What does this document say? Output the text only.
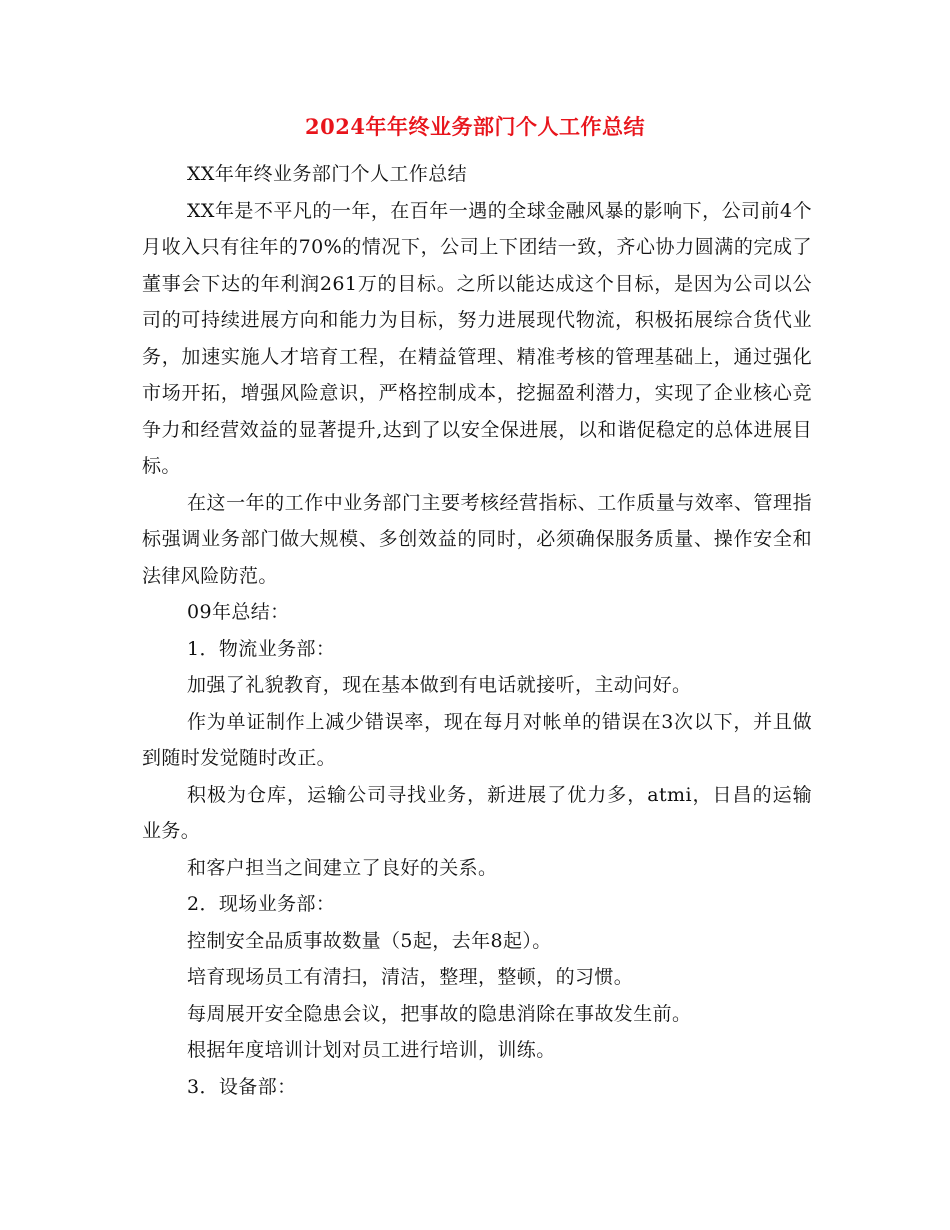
2024年年终业务部门个人工作总结

XX年年终业务部门个人工作总结

XX年是不平凡的一年，在百年一遇的全球金融风暴的影响下，公司前4个月收入只有往年的70%的情况下，公司上下团结一致，齐心协力圆满的完成了董事会下达的年利润261万的目标。之所以能达成这个目标，是因为公司以公司的可持续进展方向和能力为目标，努力进展现代物流，积极拓展综合货代业务，加速实施人才培育工程，在精益管理、精准考核的管理基础上，通过强化市场开拓，增强风险意识，严格控制成本，挖掘盈利潜力，实现了企业核心竞争力和经营效益的显著提升,达到了以安全保进展，以和谐促稳定的总体进展目标。

在这一年的工作中业务部门主要考核经营指标、工作质量与效率、管理指标强调业务部门做大规模、多创效益的同时，必须确保服务质量、操作安全和法律风险防范。

09年总结：

1．物流业务部：

加强了礼貌教育，现在基本做到有电话就接听，主动问好。

作为单证制作上减少错误率，现在每月对帐单的错误在3次以下，并且做到随时发觉随时改正。

积极为仓库，运输公司寻找业务，新进展了优力多，atmi，日昌的运输业务。

和客户担当之间建立了良好的关系。

2．现场业务部：

控制安全品质事故数量（5起，去年8起）。

培育现场员工有清扫，清洁，整理，整顿，的习惯。

每周展开安全隐患会议，把事故的隐患消除在事故发生前。

根据年度培训计划对员工进行培训，训练。

3．设备部：
